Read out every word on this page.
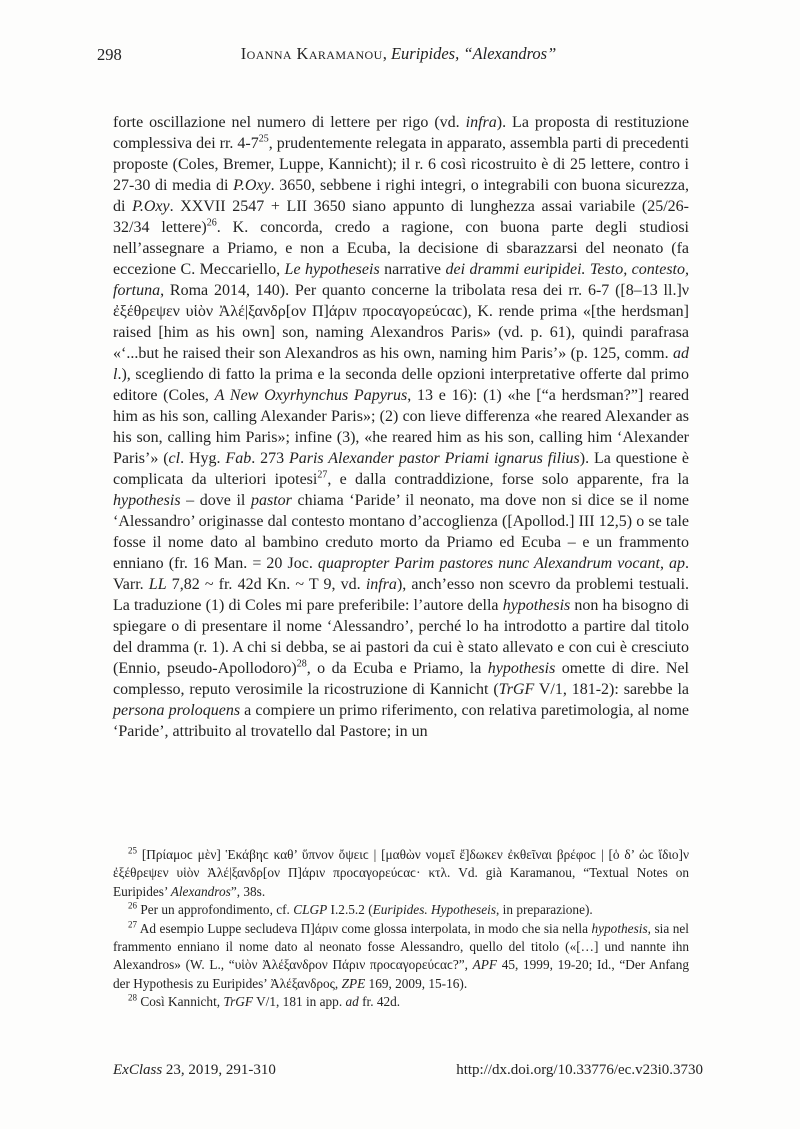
298	Ioanna Karamanou, Euripides, “Alexandros”
forte oscillazione nel numero di lettere per rigo (vd. infra). La proposta di restituzione complessiva dei rr. $4-7^{25}$, prudentemente relegata in apparato, assembla parti di precedenti proposte (Coles, Bremer, Luppe, Kannicht); il r. 6 così ricostruito è di 25 lettere, contro i 27-30 di media di P.Oxy. 3650, sebbene i righi integri, o integrabili con buona sicurezza, di P.Oxy. XXVII 2547 + LII 3650 siano appunto di lunghezza assai variabile (25/26-32/34 lettere)$^{26}$. K. concorda, credo a ragione, con buona parte degli studiosi nell’assegnare a Priamo, e non a Ecuba, la decisione di sbarazzarsi del neonato (fa eccezione C. Meccariello, Le hypotheseis narrative dei drammi euripidei. Testo, contesto, fortuna, Roma 2014, 140). Per quanto concerne la tribolata resa dei rr. 6-7 ([8–13 ll.]ν ἐξέθρεψεν υἱὸν Ἀλέ|ξανδρ[ον Π]άριν προϲαγορεύϲαϲ), K. rende prima «[the herdsman] raised [him as his own] son, naming Alexandros Paris» (vd. p. 61), quindi parafrasa «‘...but he raised their son Alexandros as his own, naming him Paris’» (p. 125, comm. ad l.), scegliendo di fatto la prima e la seconda delle opzioni interpretative offerte dal primo editore (Coles, A New Oxyrhynchus Papyrus, 13 e 16): (1) «he [“a herdsman?”] reared him as his son, calling Alexander Paris»; (2) con lieve differenza «he reared Alexander as his son, calling him Paris»; infine (3), «he reared him as his son, calling him ‘Alexander Paris’» (cl. Hyg. Fab. 273 Paris Alexander pastor Priami ignarus filius). La questione è complicata da ulteriori ipotesi$^{27}$, e dalla contraddizione, forse solo apparente, fra la hypothesis – dove il pastor chiama ‘Paride’ il neonato, ma dove non si dice se il nome ‘Alessandro’ originasse dal contesto montano d’accoglienza ([Apollod.] III 12,5) o se tale fosse il nome dato al bambino creduto morto da Priamo ed Ecuba – e un frammento enniano (fr. 16 Man. = 20 Joc. quapropter Parim pastores nunc Alexandrum vocant, ap. Varr. LL 7,82 ~ fr. 42d Kn. ~ T 9, vd. infra), anch’esso non scevro da problemi testuali. La traduzione (1) di Coles mi pare preferibile: l’autore della hypothesis non ha bisogno di spiegare o di presentare il nome ‘Alessandro’, perché lo ha introdotto a partire dal titolo del dramma (r. 1). A chi si debba, se ai pastori da cui è stato allevato e con cui è cresciuto (Ennio, pseudo-Apollodoro)$^{28}$, o da Ecuba e Priamo, la hypothesis omette di dire. Nel complesso, reputo verosimile la ricostruzione di Kannicht (TrGF V/1, 181-2): sarebbe la persona proloquens a compiere un primo riferimento, con relativa paretimologia, al nome ‘Paride’, attribuito al trovatello dal Pastore; in un

$^{25}$ [Πρίαμοϲ μὲν] Ἑκάβηϲ καθ’ ὕπνον ὄψειϲ | [μαθὼν νομεῖ ἔ]δωκεν ἐκθεῖναι βρέφοϲ | [ὁ δ’ ὡϲ ἴδιο]ν ἐξέθρεψεν υἱὸν Ἀλέ|ξανδρ[ον Π]άριν προϲαγορεύϲαϲ· κτλ. Vd. già Karamanou, “Textual Notes on Euripides’ Alexandros”, 38s.

$^{26}$ Per un approfondimento, cf. CLGP I.2.5.2 (Euripides. Hypotheseis, in preparazione).

$^{27}$ Ad esempio Luppe secludeva Π]άριν come glossa interpolata, in modo che sia nella hypothesis, sia nel frammento enniano il nome dato al neonato fosse Alessandro, quello del titolo («[…] und nannte ihn Alexandros» (W. L., “υἱὸν Ἀλέξανδρον Πάριν προϲαγορεύϲαϲ?”, APF 45, 1999, 19-20; Id., “Der Anfang der Hypothesis zu Euripides’ Ἀλέξανδρος, ZPE 169, 2009, 15-16).

$^{28}$ Così Kannicht, TrGF V/1, 181 in app. ad fr. 42d.

ExClass 23, 2019, 291-310	http://dx.doi.org/10.33776/ec.v23i0.3730
